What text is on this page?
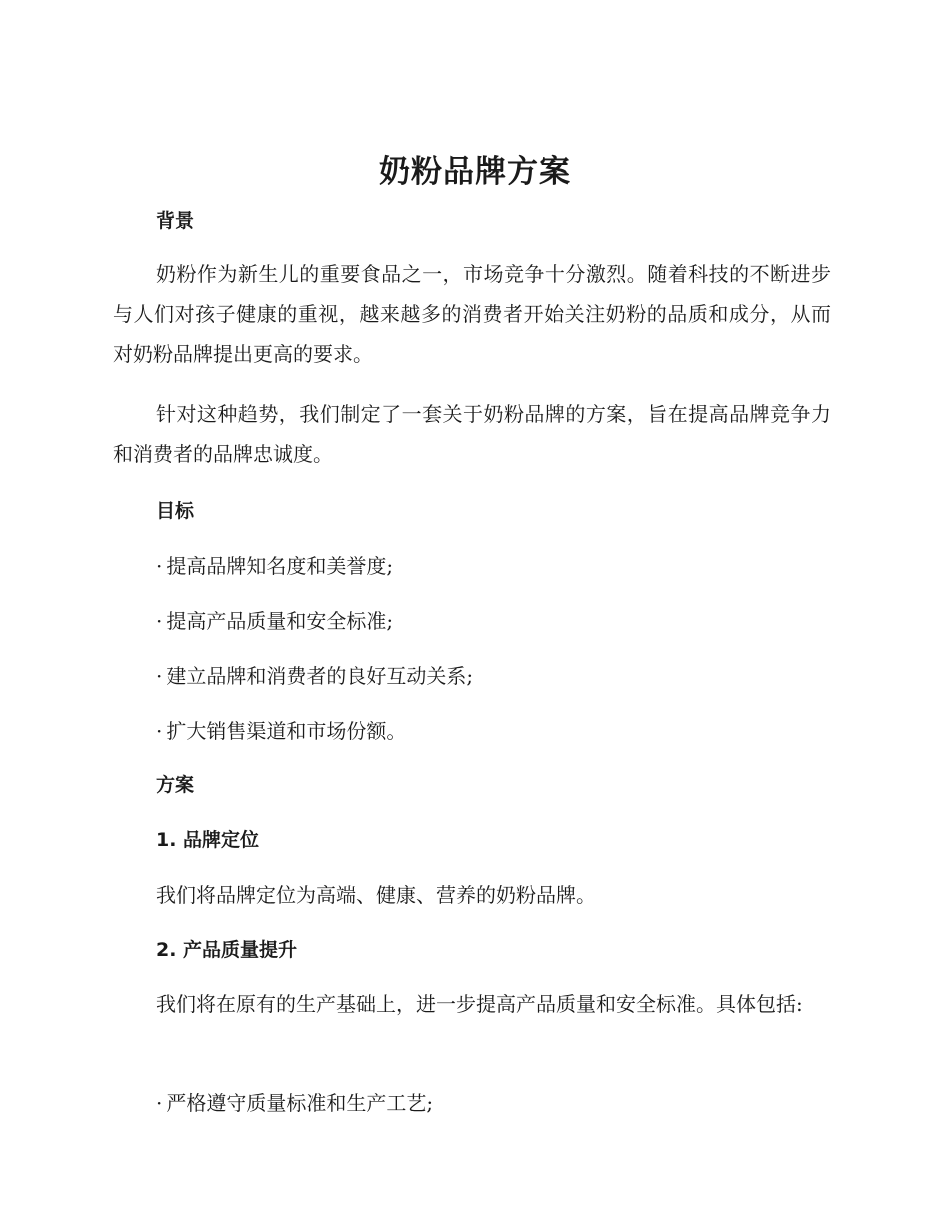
奶粉品牌方案
背景
奶粉作为新生儿的重要食品之一，市场竞争十分激烈。随着科技的不断进步与人们对孩子健康的重视，越来越多的消费者开始关注奶粉的品质和成分，从而对奶粉品牌提出更高的要求。
针对这种趋势，我们制定了一套关于奶粉品牌的方案，旨在提高品牌竞争力和消费者的品牌忠诚度。
目标
· 提高品牌知名度和美誉度;
· 提高产品质量和安全标准;
· 建立品牌和消费者的良好互动关系;
· 扩大销售渠道和市场份额。
方案
1. 品牌定位
我们将品牌定位为高端、健康、营养的奶粉品牌。
2. 产品质量提升
我们将在原有的生产基础上，进一步提高产品质量和安全标准。具体包括:
· 严格遵守质量标准和生产工艺;
